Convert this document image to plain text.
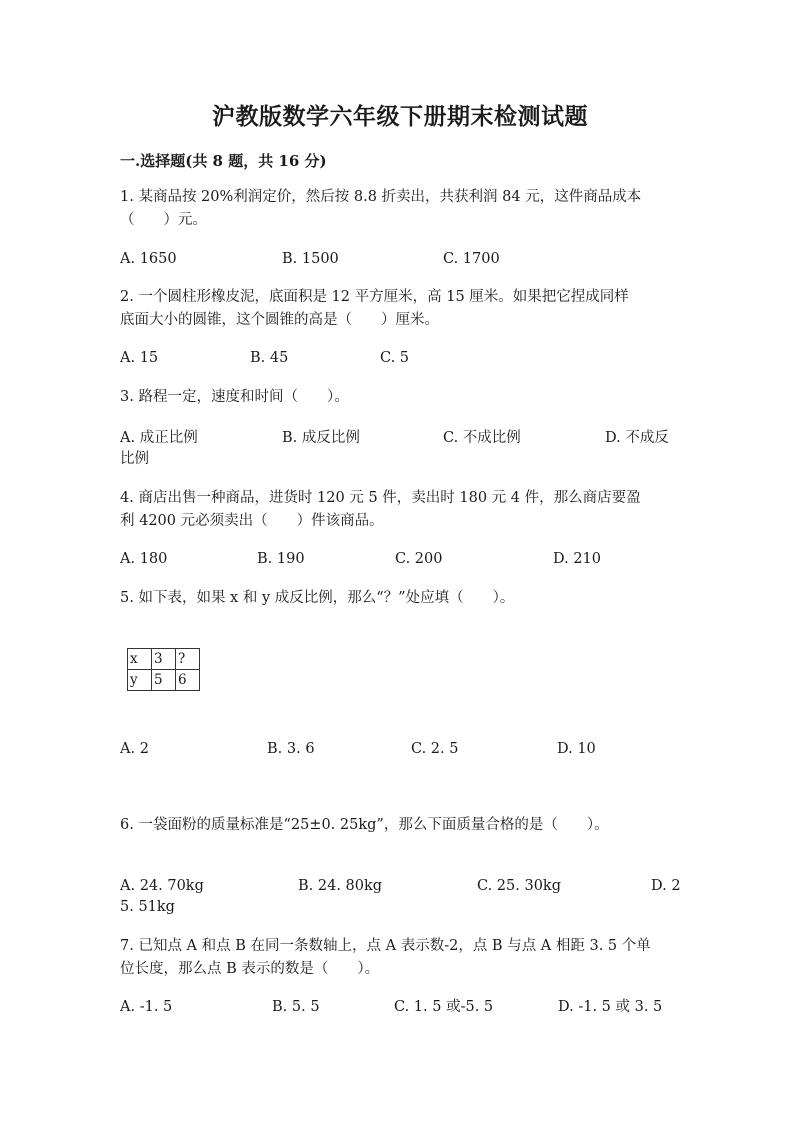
沪教版数学六年级下册期末检测试题
一.选择题(共 8 题，共 16 分)
1. 某商品按 20%利润定价，然后按 8.8 折卖出，共获利润 84 元，这件商品成本
（　　）元。
A. 1650	B. 1500	C. 1700
2. 一个圆柱形橡皮泥，底面积是 12 平方厘米，高 15 厘米。如果把它捏成同样
底面大小的圆锥，这个圆锥的高是（　　）厘米。
A. 15	B. 45	C. 5
3. 路程一定，速度和时间（　　）。
A. 成正比例	B. 成反比例	C. 不成比例	D. 不成反
比例
4. 商店出售一种商品，进货时 120 元 5 件，卖出时 180 元 4 件，那么商店要盈
利 4200 元必须卖出（　　）件该商品。
A. 180	B. 190	C. 200	D. 210
5. 如下表，如果 x 和 y 成反比例，那么“？”处应填（　　）。
x	3	?
y	5	6
A. 2	B. 3. 6	C. 2. 5	D. 10
6. 一袋面粉的质量标准是“25±0. 25kg”，那么下面质量合格的是（　　）。
A. 24. 70kg	B. 24. 80kg	C. 25. 30kg	D. 2
5. 51kg
7. 已知点 A 和点 B 在同一条数轴上，点 A 表示数-2，点 B 与点 A 相距 3. 5 个单
位长度，那么点 B 表示的数是（　　）。
A. -1. 5	B. 5. 5	C. 1. 5 或-5. 5	D. -1. 5 或 3. 5
